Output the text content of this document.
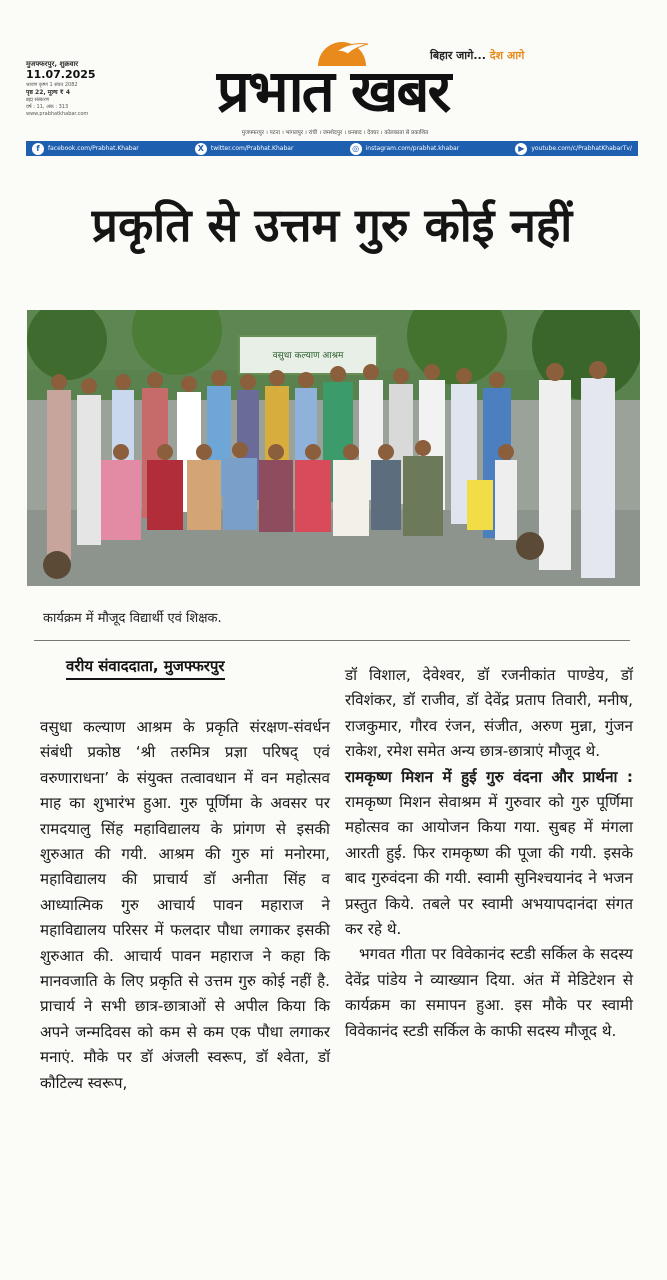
मुजफ्फरपुर, शुक्रवार
11.07.2025
श्रावण कृष्ण 1 संवत 2082
पृष्ठ 22, मूल्य ₹ 4
ब्रह्म संस्करण
वर्ष : 11, अंक : 313
www.prabhatkhabar.com
बिहार जागे... देश आगे
प्रभात खबर
मुजफ्फरपुर । पटना । भागलपुर । रांची । जमशेदपुर । धनबाद । देवघर । कोलकाता से प्रकाशित
f	facebook.com/Prabhat.Khabar	X	twitter.com/Prabhat.Khabar	◎	instagram.com/prabhat.khabar	▶	youtube.com/c/PrabhatKhabarTv/
प्रकृति से उत्तम गुरु कोई नहीं
वसुधा कल्याण आश्रम
कार्यक्रम में मौजूद विद्यार्थी एवं शिक्षक.
वरीय संवाददाता, मुजफ्फरपुर

वसुधा कल्याण आश्रम के प्रकृति संरक्षण-संवर्धन संबंधी प्रकोष्ठ ‘श्री तरुमित्र प्रज्ञा परिषद् एवं वरुणाराधना’ के संयुक्त तत्वावधान में वन महोत्सव माह का शुभारंभ हुआ. गुरु पूर्णिमा के अवसर पर रामदयालु सिंह महाविद्यालय के प्रांगण से इसकी शुरुआत की गयी. आश्रम की गुरु मां मनोरमा, महाविद्यालय की प्राचार्य डॉ अनीता सिंह व आध्यात्मिक गुरु आचार्य पावन महाराज ने महाविद्यालय परिसर में फलदार पौधा लगाकर इसकी शुरुआत की. आचार्य पावन महाराज ने कहा कि मानवजाति के लिए प्रकृति से उत्तम गुरु कोई नहीं है. प्राचार्य ने सभी छात्र-छात्राओं से अपील किया कि अपने जन्मदिवस को कम से कम एक पौधा लगाकर मनाएं. मौके पर डॉ अंजली स्वरूप, डॉ श्वेता, डॉ कौटिल्य स्वरूप,

डॉ विशाल, देवेश्वर, डॉ रजनीकांत पाण्डेय, डॉ रविशंकर, डॉ राजीव, डॉ देवेंद्र प्रताप तिवारी, मनीष, राजकुमार, गौरव रंजन, संजीत, अरुण मुन्ना, गुंजन राकेश, रमेश समेत अन्य छात्र-छात्राएं मौजूद थे.

रामकृष्ण मिशन में हुई गुरु वंदना और प्रार्थना : रामकृष्ण मिशन सेवाश्रम में गुरुवार को गुरु पूर्णिमा महोत्सव का आयोजन किया गया. सुबह में मंगला आरती हुई. फिर रामकृष्ण की पूजा की गयी. इसके बाद गुरुवंदना की गयी. स्वामी सुनिश्चयानंद ने भजन प्रस्तुत किये. तबले पर स्वामी अभयापदानंदा संगत कर रहे थे.

भगवत गीता पर विवेकानंद स्टडी सर्किल के सदस्य देवेंद्र पांडेय ने व्याख्यान दिया. अंत में मेडिटेशन से कार्यक्रम का समापन हुआ. इस मौके पर स्वामी विवेकानंद स्टडी सर्किल के काफी सदस्य मौजूद थे.
